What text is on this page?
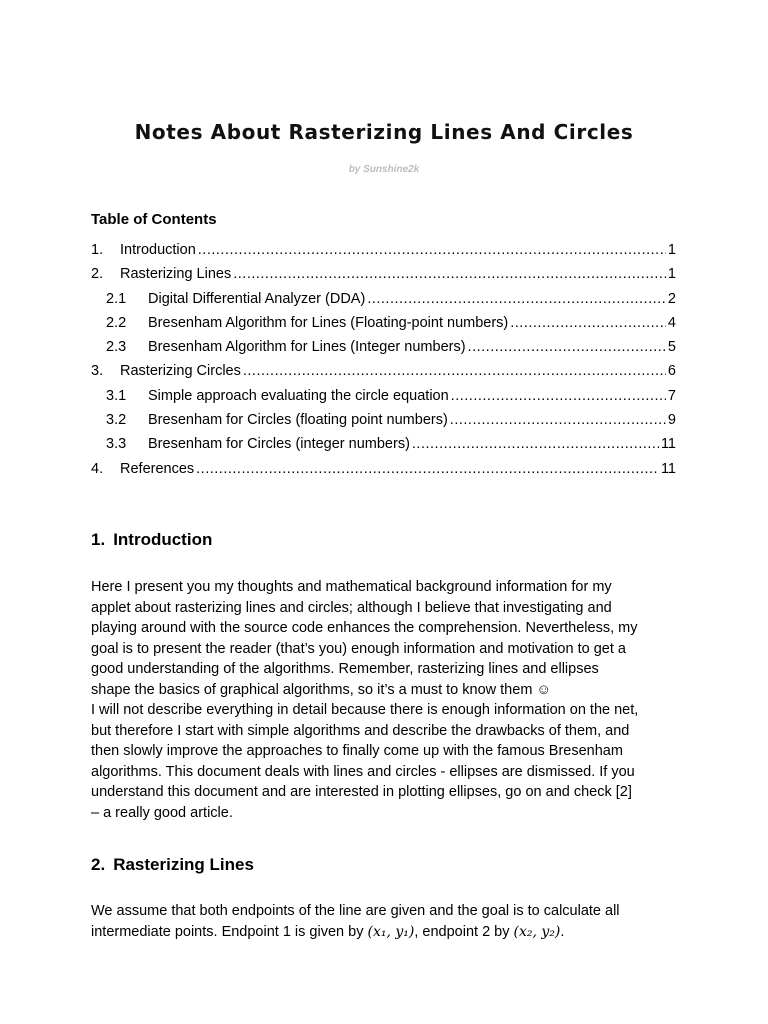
Notes About Rasterizing Lines And Circles
by Sunshine2k
Table of Contents
1.	Introduction .....	1
2.	Rasterizing Lines .....	1
2.1	Digital Differential Analyzer (DDA) .....	2
2.2	Bresenham Algorithm for Lines (Floating-point numbers) .....	4
2.3	Bresenham Algorithm for Lines (Integer numbers) .....	5
3.	Rasterizing Circles .....	6
3.1	Simple approach evaluating the circle equation .....	7
3.2	Bresenham for Circles (floating point numbers) .....	9
3.3	Bresenham for Circles (integer numbers) .....	11
4.	References .....	11
1. Introduction
Here I present you my thoughts and mathematical background information for my
applet about rasterizing lines and circles; although I believe that investigating and
playing around with the source code enhances the comprehension. Nevertheless, my
goal is to present the reader (that’s you) enough information and motivation to get a
good understanding of the algorithms. Remember, rasterizing lines and ellipses
shape the basics of graphical algorithms, so it’s a must to know them ☺
I will not describe everything in detail because there is enough information on the net,
but therefore I start with simple algorithms and describe the drawbacks of them, and
then slowly improve the approaches to finally come up with the famous Bresenham
algorithms. This document deals with lines and circles - ellipses are dismissed. If you
understand this document and are interested in plotting ellipses, go on and check [2]
– a really good article.
2. Rasterizing Lines
We assume that both endpoints of the line are given and the goal is to calculate all
intermediate points. Endpoint 1 is given by (x₁, y₁), endpoint 2 by (x₂, y₂).
